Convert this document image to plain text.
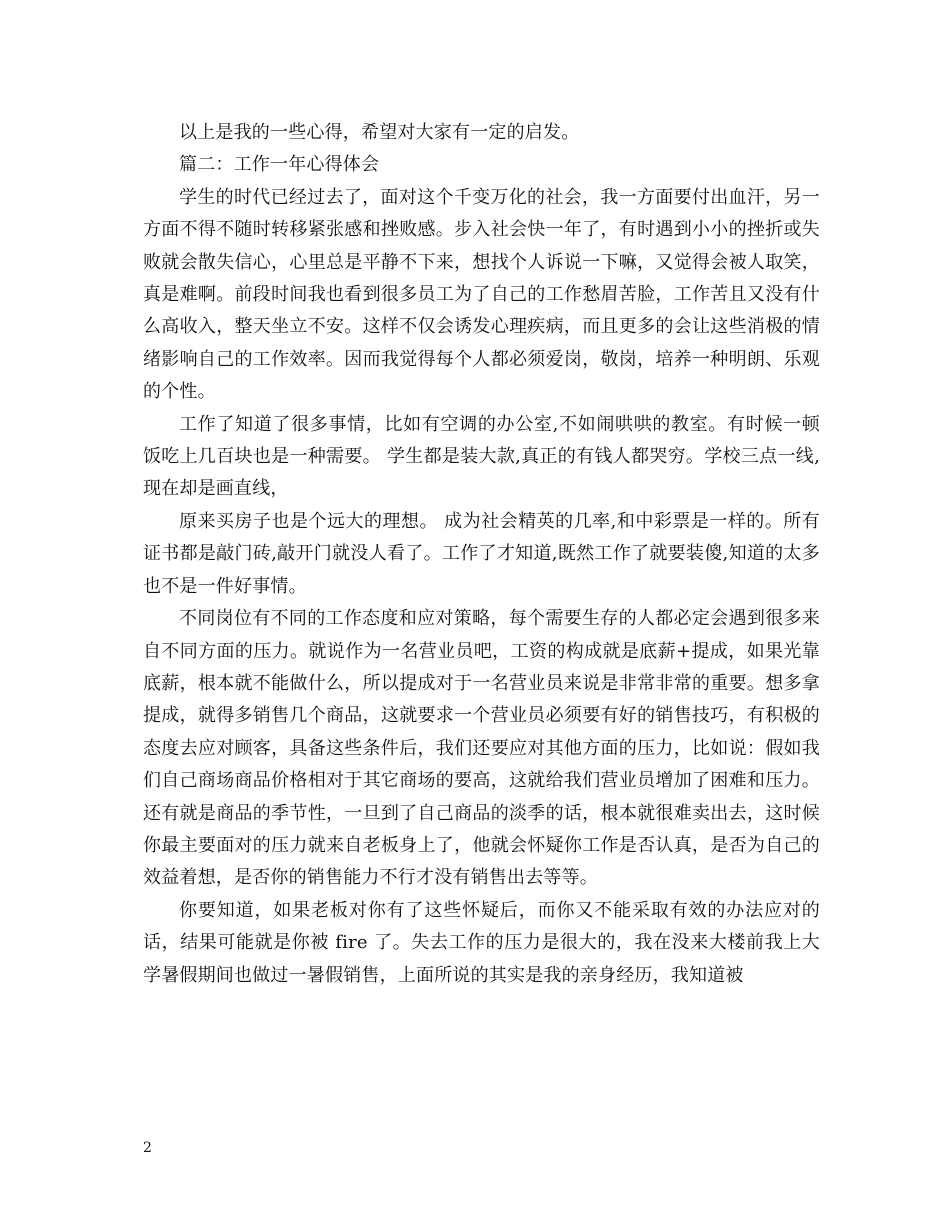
以上是我的一些心得，希望对大家有一定的启发。

篇二：工作一年心得体会

学生的时代已经过去了，面对这个千变万化的社会，我一方面要付出血汗，另一方面不得不随时转移紧张感和挫败感。步入社会快一年了，有时遇到小小的挫折或失败就会散失信心，心里总是平静不下来，想找个人诉说一下嘛，又觉得会被人取笑，真是难啊。前段时间我也看到很多员工为了自己的工作愁眉苦脸，工作苦且又没有什么高收入，整天坐立不安。这样不仅会诱发心理疾病，而且更多的会让这些消极的情绪影响自己的工作效率。因而我觉得每个人都必须爱岗，敬岗，培养一种明朗、乐观的个性。

工作了知道了很多事情，比如有空调的办公室,不如闹哄哄的教室。有时候一顿饭吃上几百块也是一种需要。 学生都是装大款,真正的有钱人都哭穷。学校三点一线,现在却是画直线，

原来买房子也是个远大的理想。 成为社会精英的几率,和中彩票是一样的。所有证书都是敲门砖,敲开门就没人看了。工作了才知道,既然工作了就要装傻,知道的太多也不是一件好事情。

不同岗位有不同的工作态度和应对策略，每个需要生存的人都必定会遇到很多来自不同方面的压力。就说作为一名营业员吧，工资的构成就是底薪+提成，如果光靠底薪，根本就不能做什么，所以提成对于一名营业员来说是非常非常的重要。想多拿提成，就得多销售几个商品，这就要求一个营业员必须要有好的销售技巧，有积极的态度去应对顾客，具备这些条件后，我们还要应对其他方面的压力，比如说：假如我们自己商场商品价格相对于其它商场的要高，这就给我们营业员增加了困难和压力。还有就是商品的季节性，一旦到了自己商品的淡季的话，根本就很难卖出去，这时候你最主要面对的压力就来自老板身上了，他就会怀疑你工作是否认真，是否为自己的效益着想，是否你的销售能力不行才没有销售出去等等。

你要知道，如果老板对你有了这些怀疑后，而你又不能采取有效的办法应对的话，结果可能就是你被 fire 了。失去工作的压力是很大的，我在没来大楼前我上大学暑假期间也做过一暑假销售，上面所说的其实是我的亲身经历，我知道被

2
